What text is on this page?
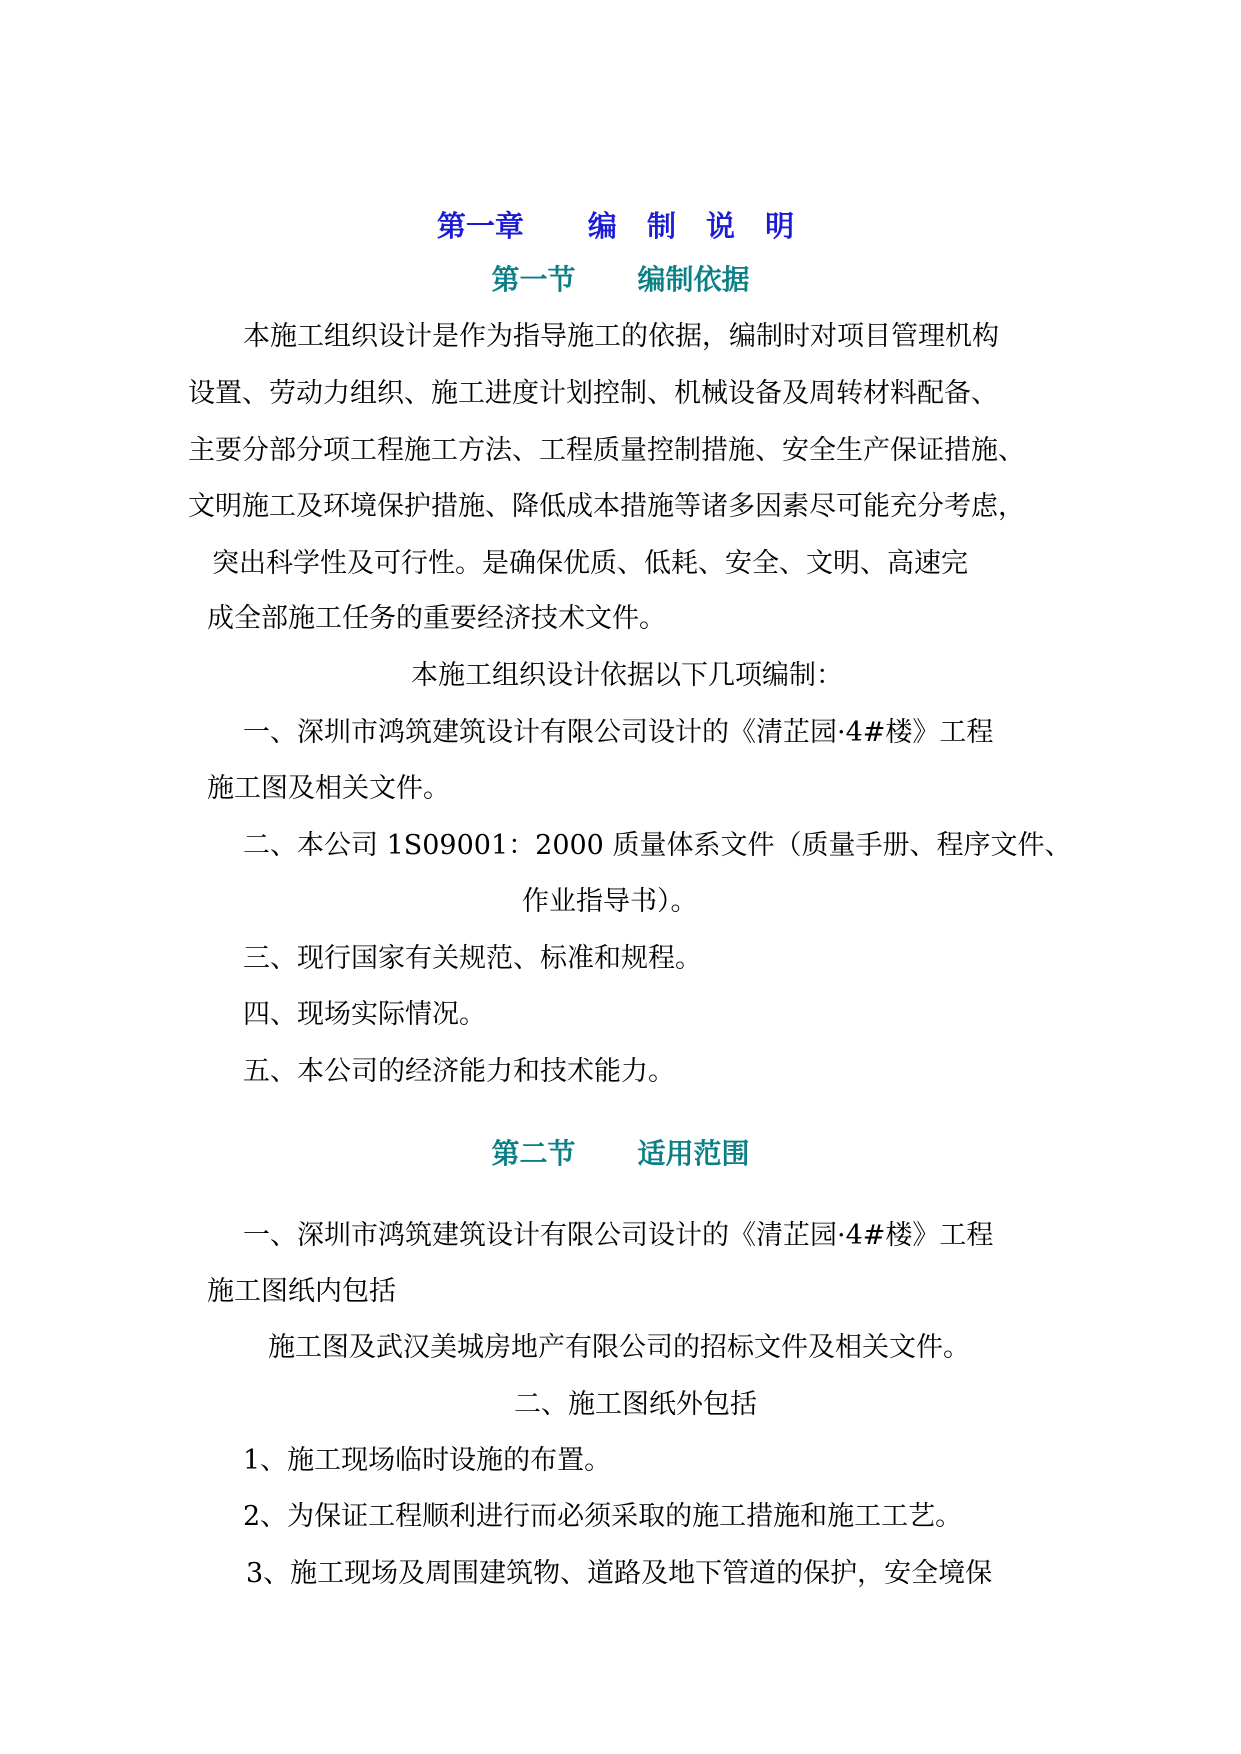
第一章 编 制 说 明
第一节 编制依据
本施工组织设计是作为指导施工的依据，编制时对项目管理机构
设置、劳动力组织、施工进度计划控制、机械设备及周转材料配备、
主要分部分项工程施工方法、工程质量控制措施、安全生产保证措施、
文明施工及环境保护措施、降低成本措施等诸多因素尽可能充分考虑，
突出科学性及可行性。是确保优质、低耗、安全、文明、高速完
成全部施工任务的重要经济技术文件。
本施工组织设计依据以下几项编制：
一、深圳市鸿筑建筑设计有限公司设计的《清芷园·4#楼》工程
施工图及相关文件。
二、本公司 1S09001：2000 质量体系文件（质量手册、程序文件、
作业指导书）。
三、现行国家有关规范、标准和规程。
四、现场实际情况。
五、本公司的经济能力和技术能力。
第二节 适用范围
一、深圳市鸿筑建筑设计有限公司设计的《清芷园·4#楼》工程
施工图纸内包括
施工图及武汉美城房地产有限公司的招标文件及相关文件。
二、施工图纸外包括
1、施工现场临时设施的布置。
2、为保证工程顺利进行而必须采取的施工措施和施工工艺。
3、施工现场及周围建筑物、道路及地下管道的保护，安全境保
